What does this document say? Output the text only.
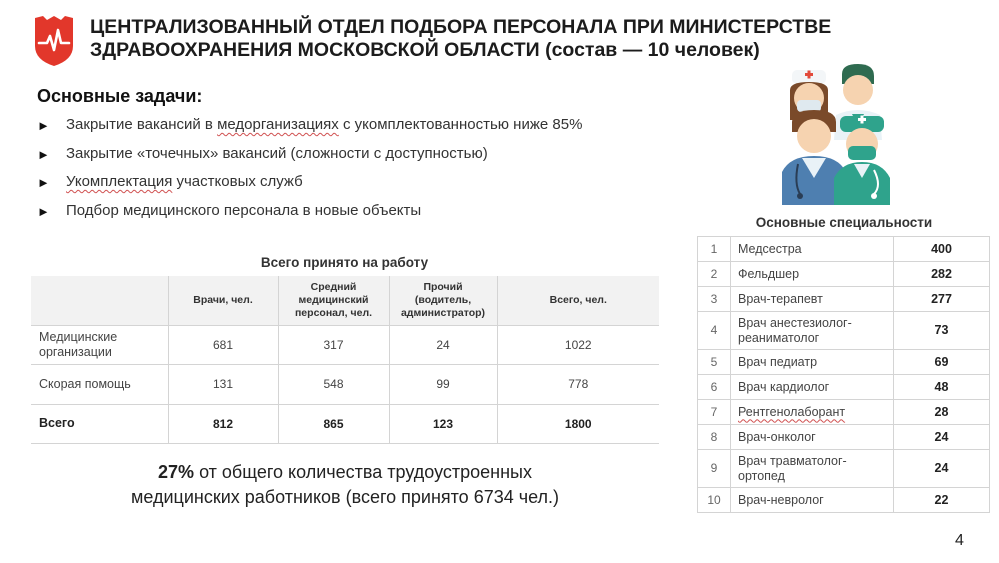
ЦЕНТРАЛИЗОВАННЫЙ ОТДЕЛ ПОДБОРА ПЕРСОНАЛА ПРИ МИНИСТЕРСТВЕ ЗДРАВООХРАНЕНИЯ МОСКОВСКОЙ ОБЛАСТИ (состав — 10 человек)
Основные задачи:
►	Закрытие вакансий в медорганизациях с укомплектованностью ниже 85%
►	Закрытие «точечных» вакансий (сложности с доступностью)
►	Укомплектация участковых служб
►	Подбор медицинского персонала в новые объекты
Всего принято на работу
	Врачи, чел.	Средний медицинский персонал, чел.	Прочий (водитель, администратор)	Всего, чел.
Медицинские организации	681	317	24	1022
Скорая помощь	131	548	99	778
Всего	812	865	123	1800
27% от общего количества трудоустроенных
медицинских работников (всего принято 6734 чел.)
Основные специальности
1	Медсестра	400
2	Фельдшер	282
3	Врач-терапевт	277
4	Врач анестезиолог-реаниматолог	73
5	Врач педиатр	69
6	Врач кардиолог	48
7	Рентгенолаборант	28
8	Врач-онколог	24
9	Врач травматолог-ортопед	24
10	Врач-невролог	22
4
